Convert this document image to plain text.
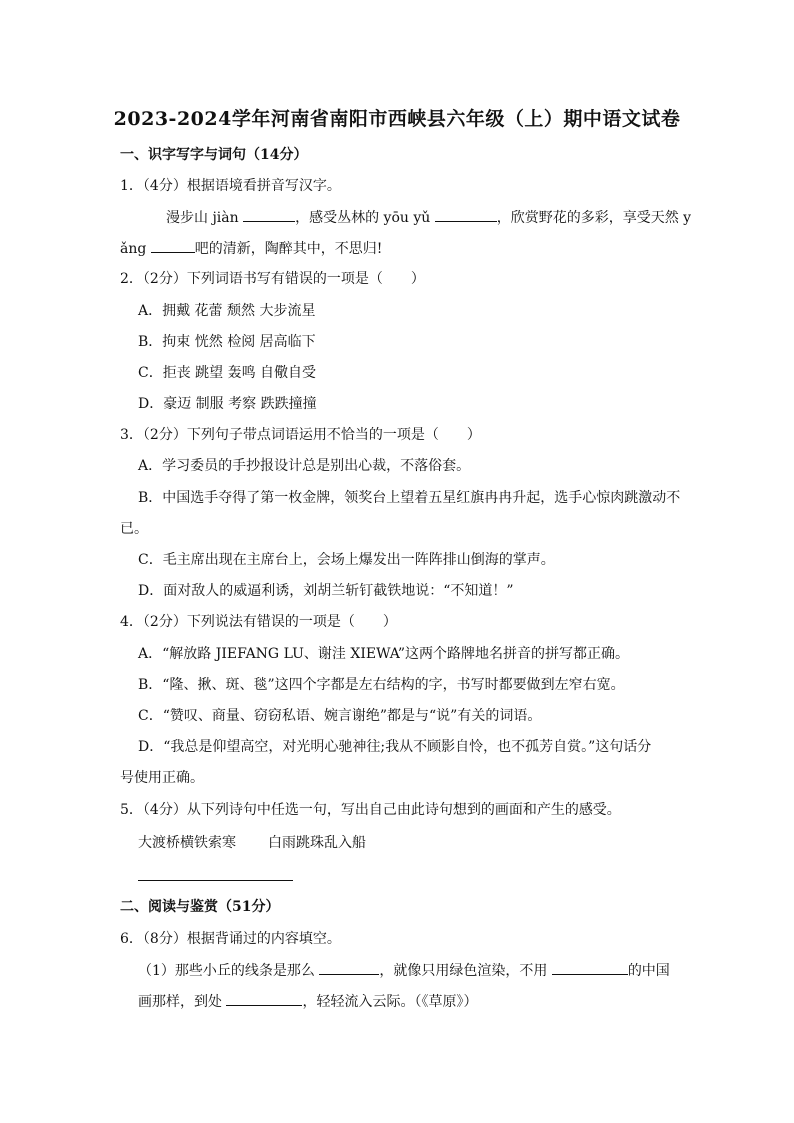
2023-2024学年河南省南阳市西峡县六年级（上）期中语文试卷
一、识字写字与词句（14分）
1．（4分）根据语境看拼音写汉字。
漫步山 jiàn	，感受丛林的 yōu yǔ	，欣赏野花的多彩，享受天然 y
ǎng	吧的清新，陶醉其中，不思归!
2．（2分）下列词语书写有错误的一项是（　　）
A．拥戴 花蕾 颓然 大步流星
B．拘束 恍然 检阅 居高临下
C．拒丧 跳望 轰鸣 自儆自受
D．豪迈 制服 考察 跌跌撞撞
3．（2分）下列句子带点词语运用不恰当的一项是（　　）
A．学习委员的手抄报设计总是别出心裁，不落俗套。
B．中国选手夺得了第一枚金牌，领奖台上望着五星红旗冉冉升起，选手心惊肉跳激动不
已。
C．毛主席出现在主席台上，会场上爆发出一阵阵排山倒海的掌声。
D．面对敌人的威逼利诱，刘胡兰斩钉截铁地说：“不知道！”
4．（2分）下列说法有错误的一项是（　　）
A．“解放路 JIEFANG LU、谢洼 XIEWA”这两个路牌地名拼音的拼写都正确。
B．“隆、揪、斑、毯”这四个字都是左右结构的字，书写时都要做到左窄右宽。
C．“赞叹、商量、窃窃私语、婉言谢绝”都是与“说”有关的词语。
D．“我总是仰望高空，对光明心驰神往;我从不顾影自怜，也不孤芳自赏。”这句话分
号使用正确。
5．（4分）从下列诗句中任选一句，写出自己由此诗句想到的画面和产生的感受。
大渡桥横铁索寒 白雨跳珠乱入船
二、阅读与鉴赏（51分）
6．（8分）根据背诵过的内容填空。
（1）那些小丘的线条是那么	，就像只用绿色渲染，不用	的中国
画那样，到处	，轻轻流入云际。（《草原》）
